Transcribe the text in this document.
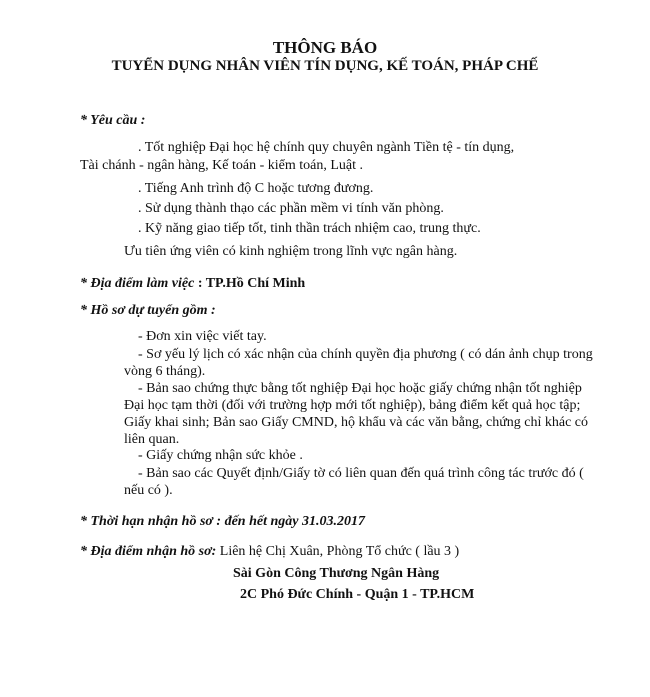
THÔNG BÁO
TUYỂN DỤNG NHÂN VIÊN TÍN DỤNG, KẾ TOÁN, PHÁP CHẾ
* Yêu cầu :
. Tốt nghiệp Đại học hệ chính quy chuyên ngành Tiền tệ - tín dụng,
Tài chánh - ngân hàng, Kế toán - kiểm toán, Luật .
. Tiếng Anh trình độ C hoặc tương đương.
. Sử dụng thành thạo các phần mềm vi tính văn phòng.
. Kỹ năng giao tiếp tốt, tinh thần trách nhiệm cao, trung thực.
Ưu tiên ứng viên có kinh nghiệm trong lĩnh vực ngân hàng.
* Địa điểm làm việc : TP.Hồ Chí Minh
* Hồ sơ dự tuyển gồm :
- Đơn xin việc viết tay.
- Sơ yếu lý lịch có xác nhận của chính quyền địa phương ( có dán ảnh chụp trong vòng 6 tháng).
- Bản sao chứng thực bằng tốt nghiệp Đại học hoặc giấy chứng nhận tốt nghiệp Đại học tạm thời (đối với trường hợp mới tốt nghiệp), bảng điểm kết quả học tập; Giấy khai sinh; Bản sao Giấy CMND, hộ khẩu và các văn bằng, chứng chỉ khác có liên quan.
- Giấy chứng nhận sức khỏe .
- Bản sao các Quyết định/Giấy tờ có liên quan đến quá trình công tác trước đó ( nếu có ).
* Thời hạn nhận hồ sơ : đến hết ngày 31.03.2017
* Địa điểm nhận hồ sơ: Liên hệ Chị Xuân, Phòng Tổ chức ( lầu 3 )
Sài Gòn Công Thương Ngân Hàng
2C Phó Đức Chính - Quận 1 - TP.HCM
